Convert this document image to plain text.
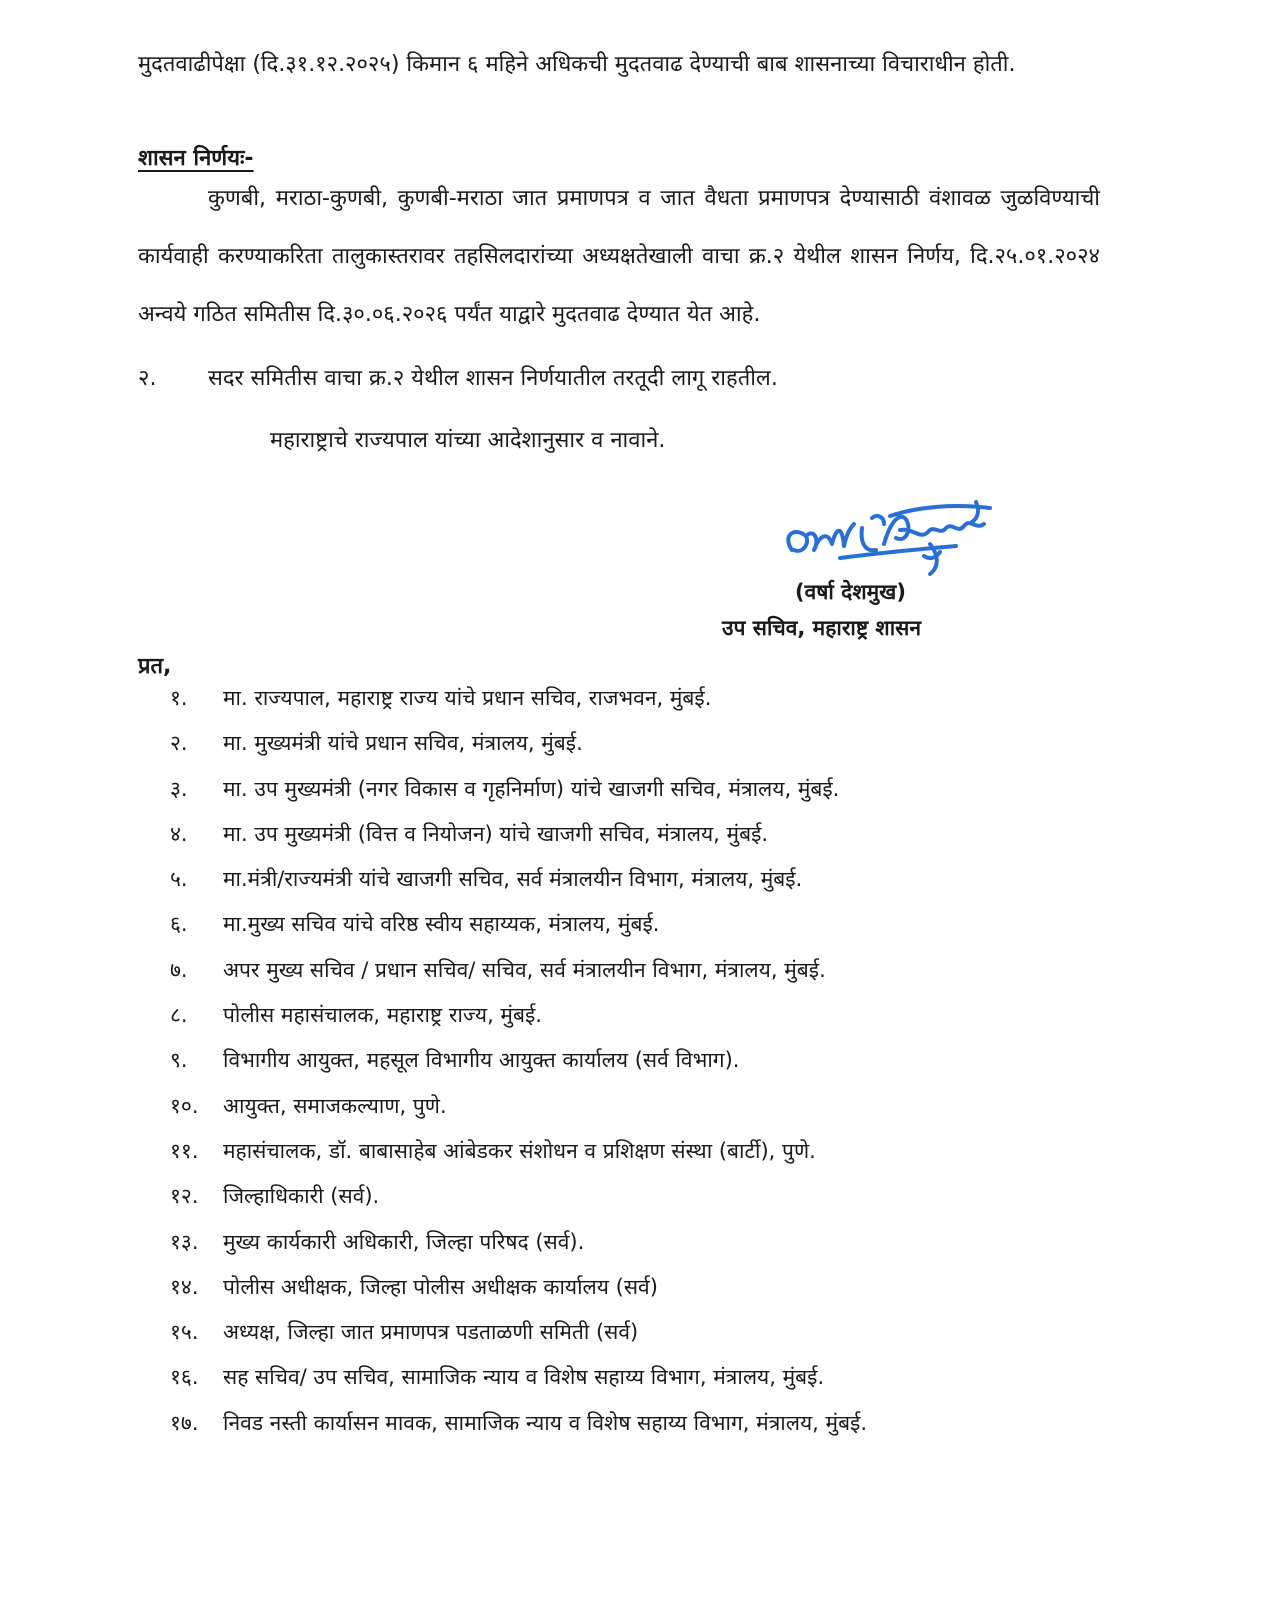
मुदतवाढीपेक्षा (दि.३१.१२.२०२५) किमान ६ महिने अधिकची मुदतवाढ देण्याची बाब शासनाच्या विचाराधीन होती.
शासन निर्णयः-
कुणबी, मराठा-कुणबी, कुणबी-मराठा जात प्रमाणपत्र व जात वैधता प्रमाणपत्र देण्यासाठी वंशावळ जुळविण्याची कार्यवाही करण्याकरिता तालुकास्तरावर तहसिलदारांच्या अध्यक्षतेखाली वाचा क्र.२ येथील शासन निर्णय, दि.२५.०१.२०२४ अन्वये गठित समितीस दि.३०.०६.२०२६ पर्यंत याद्वारे मुदतवाढ देण्यात येत आहे.
२. सदर समितीस वाचा क्र.२ येथील शासन निर्णयातील तरतूदी लागू राहतील.
महाराष्ट्राचे राज्यपाल यांच्या आदेशानुसार व नावाने.
(वर्षा देशमुख)
उप सचिव, महाराष्ट्र शासन
प्रत,
१. मा. राज्यपाल, महाराष्ट्र राज्य यांचे प्रधान सचिव, राजभवन, मुंबई.
२. मा. मुख्यमंत्री यांचे प्रधान सचिव, मंत्रालय, मुंबई.
३. मा. उप मुख्यमंत्री (नगर विकास व गृहनिर्माण) यांचे खाजगी सचिव, मंत्रालय, मुंबई.
४. मा. उप मुख्यमंत्री (वित्त व नियोजन) यांचे खाजगी सचिव, मंत्रालय, मुंबई.
५. मा.मंत्री/राज्यमंत्री यांचे खाजगी सचिव, सर्व मंत्रालयीन विभाग, मंत्रालय, मुंबई.
६. मा.मुख्य सचिव यांचे वरिष्ठ स्वीय सहाय्यक, मंत्रालय, मुंबई.
७. अपर मुख्य सचिव / प्रधान सचिव/ सचिव, सर्व मंत्रालयीन विभाग, मंत्रालय, मुंबई.
८. पोलीस महासंचालक, महाराष्ट्र राज्य, मुंबई.
९. विभागीय आयुक्त, महसूल विभागीय आयुक्त कार्यालय (सर्व विभाग).
१०. आयुक्त, समाजकल्याण, पुणे.
११. महासंचालक, डॉ. बाबासाहेब आंबेडकर संशोधन व प्रशिक्षण संस्था (बार्टी), पुणे.
१२. जिल्हाधिकारी (सर्व).
१३. मुख्य कार्यकारी अधिकारी, जिल्हा परिषद (सर्व).
१४. पोलीस अधीक्षक, जिल्हा पोलीस अधीक्षक कार्यालय (सर्व)
१५. अध्यक्ष, जिल्हा जात प्रमाणपत्र पडताळणी समिती (सर्व)
१६. सह सचिव/ उप सचिव, सामाजिक न्याय व विशेष सहाय्य विभाग, मंत्रालय, मुंबई.
१७. निवड नस्ती कार्यासन मावक, सामाजिक न्याय व विशेष सहाय्य विभाग, मंत्रालय, मुंबई.
